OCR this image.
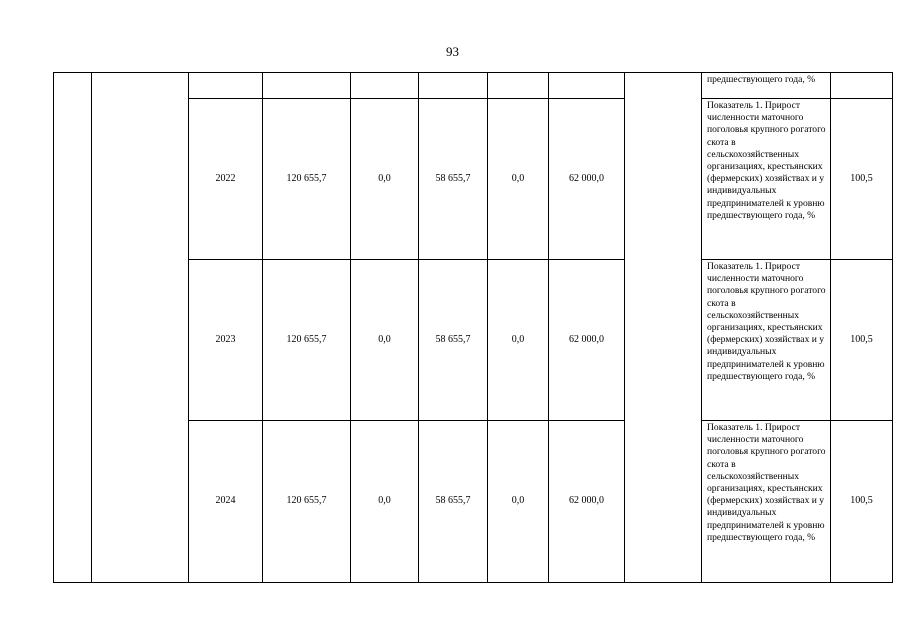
93
									предшествующего года, %	
		2022	120 655,7	0,0	58 655,7	0,0	62 000,0		Показатель 1. Прирост численности маточного поголовья крупного рогатого скота в сельскохозяйственных организациях, крестьянских (фермерских) хозяйствах и у индивидуальных предпринимателей к уровню предшествующего года, %	100,5
		2023	120 655,7	0,0	58 655,7	0,0	62 000,0		Показатель 1. Прирост численности маточного поголовья крупного рогатого скота в сельскохозяйственных организациях, крестьянских (фермерских) хозяйствах и у индивидуальных предпринимателей к уровню предшествующего года, %	100,5
		2024	120 655,7	0,0	58 655,7	0,0	62 000,0		Показатель 1. Прирост численности маточного поголовья крупного рогатого скота в сельскохозяйственных организациях, крестьянских (фермерских) хозяйствах и у индивидуальных предпринимателей к уровню предшествующего года, %	100,5
